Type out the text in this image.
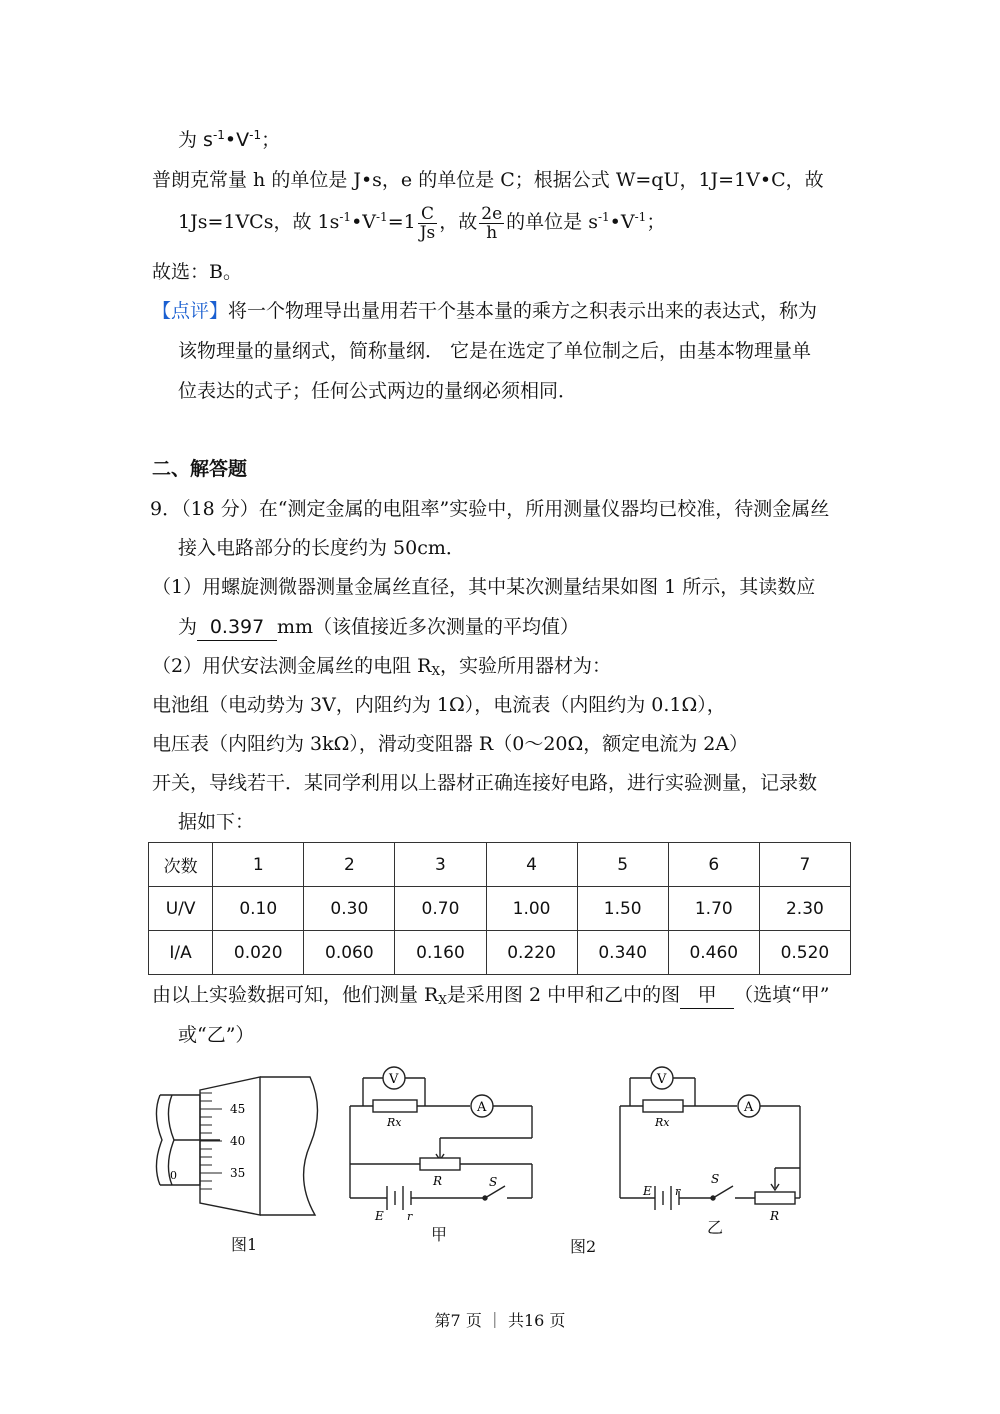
为 $s^{-1}•V^{-1}$；
普朗克常量 h 的单位是 J•s，e 的单位是 C；根据公式 W=qU，1J=1V•C，故
1Js=1VCs，故 $1s^{-1}•V^{-1}=1 \frac{C}{Js}$ ，故 $\frac{2e}{h}$ 的单位是 $s^{-1}•V^{-1}$；
故选：B。
【点评】将一个物理导出量用若干个基本量的乘方之积表示出来的表达式，称为
该物理量的量纲式，简称量纲． 它是在选定了单位制之后，由基本物理量单
位表达的式子；任何公式两边的量纲必须相同．
二、解答题
9．（18 分）在“测定金属的电阻率”实验中，所用测量仪器均已校准，待测金属丝
接入电路部分的长度约为 50cm．
（1）用螺旋测微器测量金属丝直径，其中某次测量结果如图 1 所示，其读数应
为 0.397 mm（该值接近多次测量的平均值）
（2）用伏安法测金属丝的电阻 $R_X$，实验所用器材为：
电池组（电动势为 3V，内阻约为 1Ω），电流表（内阻约为 0.1Ω），
电压表（内阻约为 3kΩ），滑动变阻器 R（0～20Ω，额定电流为 2A）
开关，导线若干．某同学利用以上器材正确连接好电路，进行实验测量，记录数
据如下：
次数	1	2	3	4	5	6	7
U/V	0.10	0.30	0.70	1.00	1.50	1.70	2.30
I/A	0.020	0.060	0.160	0.220	0.340	0.460	0.520
由以上实验数据可知，他们测量 $R_X$是采用图 2 中甲和乙中的图 甲 （选填“甲”
或“乙”）
45
40
35
0
V
A
Rx
R	S
E r
V
A
Rx
R
S
E r
图1
甲	乙
图2
第7 页 ｜ 共16 页
